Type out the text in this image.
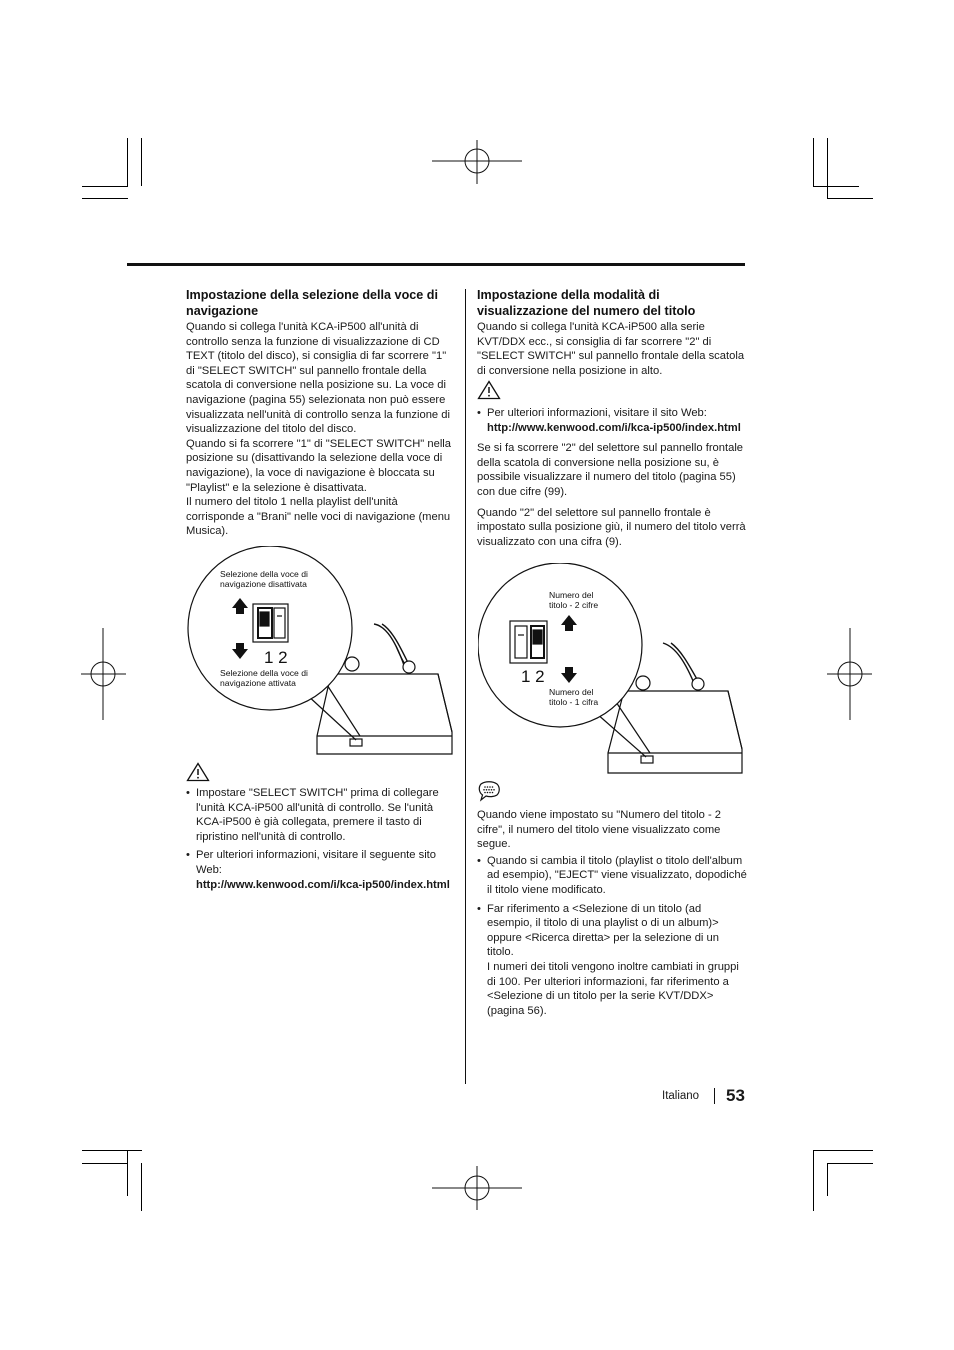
Impostazione della selezione della voce di navigazione

Quando si collega l'unità KCA-iP500 all'unità di controllo senza la funzione di visualizzazione di CD TEXT (titolo del disco), si consiglia di far scorrere "1" di "SELECT SWITCH" sul pannello frontale della scatola di conversione nella posizione su. La voce di navigazione (pagina 55) selezionata non può essere visualizzata nell'unità di controllo senza la funzione di visualizzazione del titolo del disco.

Quando si fa scorrere "1" di "SELECT SWITCH" nella posizione su (disattivando la selezione della voce di navigazione), la voce di navigazione è bloccata su "Playlist" e la selezione è disattivata.

Il numero del titolo 1 nella playlist dell'unità corrisponde a "Brani" nelle voci di navigazione (menu Musica).

Selezione della voce di
navigazione disattivata
1 2
Selezione della voce di
navigazione attivata
• Impostare "SELECT SWITCH" prima di collegare l'unità KCA-iP500 all'unità di controllo. Se l'unità KCA-iP500 è già collegata, premere il tasto di ripristino nell'unità di controllo.
• Per ulteriori informazioni, visitare il seguente sito Web:
http://www.kenwood.com/i/kca-ip500/index.html
Impostazione della modalità di visualizzazione del numero del titolo

Quando si collega l'unità KCA-iP500 alla serie KVT/DDX ecc., si consiglia di far scorrere "2" di "SELECT SWITCH" sul pannello frontale della scatola di conversione nella posizione in alto.

• Per ulteriori informazioni, visitare il sito Web:
http://www.kenwood.com/i/kca-ip500/index.html

Se si fa scorrere "2" del selettore sul pannello frontale della scatola di conversione nella posizione su, è possibile visualizzare il numero del titolo (pagina 55) con due cifre (99).

Quando "2" del selettore sul pannello frontale è impostato sulla posizione giù, il numero del titolo verrà visualizzato con una cifra (9).

Numero del
titolo - 2 cifre
1 2
Numero del
titolo - 1 cifra

Quando viene impostato su "Numero del titolo - 2 cifre", il numero del titolo viene visualizzato come segue.

• Quando si cambia il titolo (playlist o titolo dell'album ad esempio), "EJECT" viene visualizzato, dopodiché il titolo viene modificato.
• Far riferimento a <Selezione di un titolo (ad esempio, il titolo di una playlist o di un album)> oppure <Ricerca diretta> per la selezione di un titolo.
I numeri dei titoli vengono inoltre cambiati in gruppi di 100. Per ulteriori informazioni, far riferimento a <Selezione di un titolo per la serie KVT/DDX> (pagina 56).
Italiano 53
